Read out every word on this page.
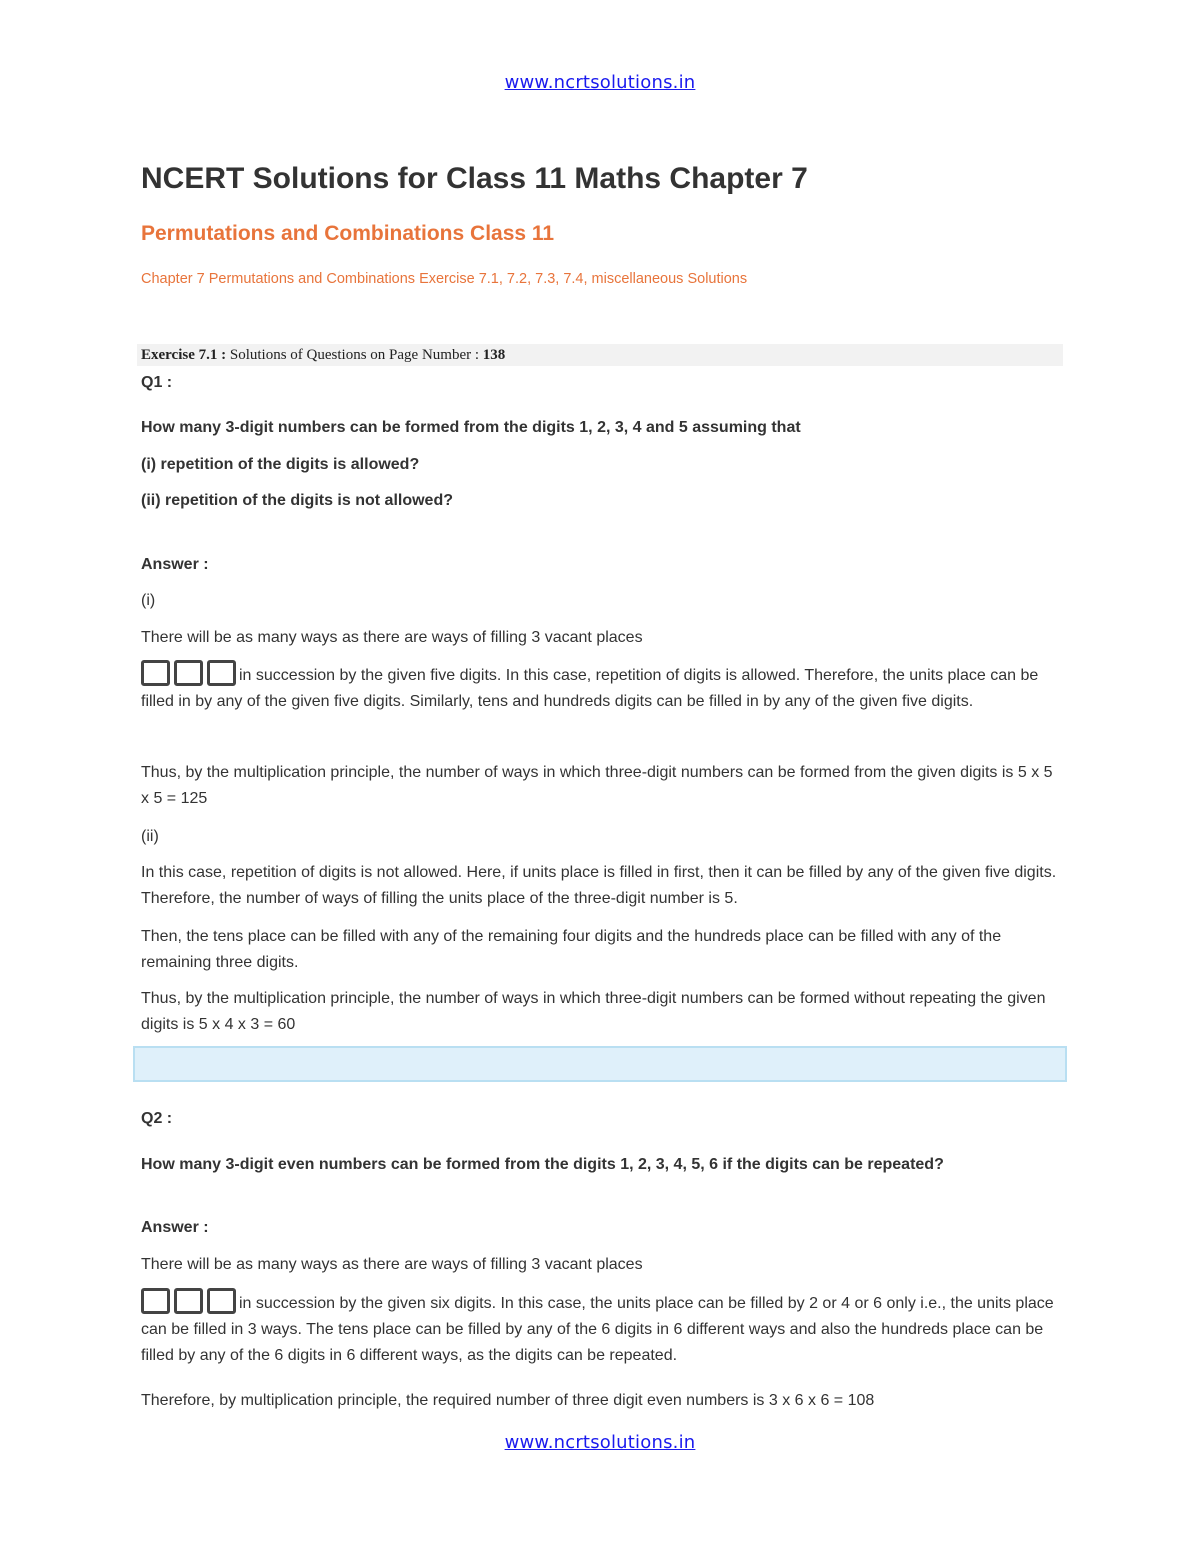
www.ncrtsolutions.in
NCERT Solutions for Class 11 Maths Chapter 7

Permutations and Combinations Class 11

Chapter 7 Permutations and Combinations Exercise 7.1, 7.2, 7.3, 7.4, miscellaneous Solutions

Exercise 7.1 : Solutions of Questions on Page Number : 138

Q1 :

How many 3-digit numbers can be formed from the digits 1, 2, 3, 4 and 5 assuming that

(i) repetition of the digits is allowed?

(ii) repetition of the digits is not allowed?

Answer :

(i)

There will be as many ways as there are ways of filling 3 vacant places

in succession by the given five digits. In this case, repetition of digits is allowed. Therefore, the units place can be filled in by any of the given five digits. Similarly, tens and hundreds digits can be filled in by any of the given five digits.

Thus, by the multiplication principle, the number of ways in which three-digit numbers can be formed from the given digits is 5 x 5 x 5 = 125

(ii)

In this case, repetition of digits is not allowed. Here, if units place is filled in first, then it can be filled by any of the given five digits. Therefore, the number of ways of filling the units place of the three-digit number is 5.

Then, the tens place can be filled with any of the remaining four digits and the hundreds place can be filled with any of the remaining three digits.

Thus, by the multiplication principle, the number of ways in which three-digit numbers can be formed without repeating the given digits is 5 x 4 x 3 = 60

Q2 :

How many 3-digit even numbers can be formed from the digits 1, 2, 3, 4, 5, 6 if the digits can be repeated?

Answer :

There will be as many ways as there are ways of filling 3 vacant places

in succession by the given six digits. In this case, the units place can be filled by 2 or 4 or 6 only i.e., the units place can be filled in 3 ways. The tens place can be filled by any of the 6 digits in 6 different ways and also the hundreds place can be filled by any of the 6 digits in 6 different ways, as the digits can be repeated.

Therefore, by multiplication principle, the required number of three digit even numbers is 3 x 6 x 6 = 108

www.ncrtsolutions.in
